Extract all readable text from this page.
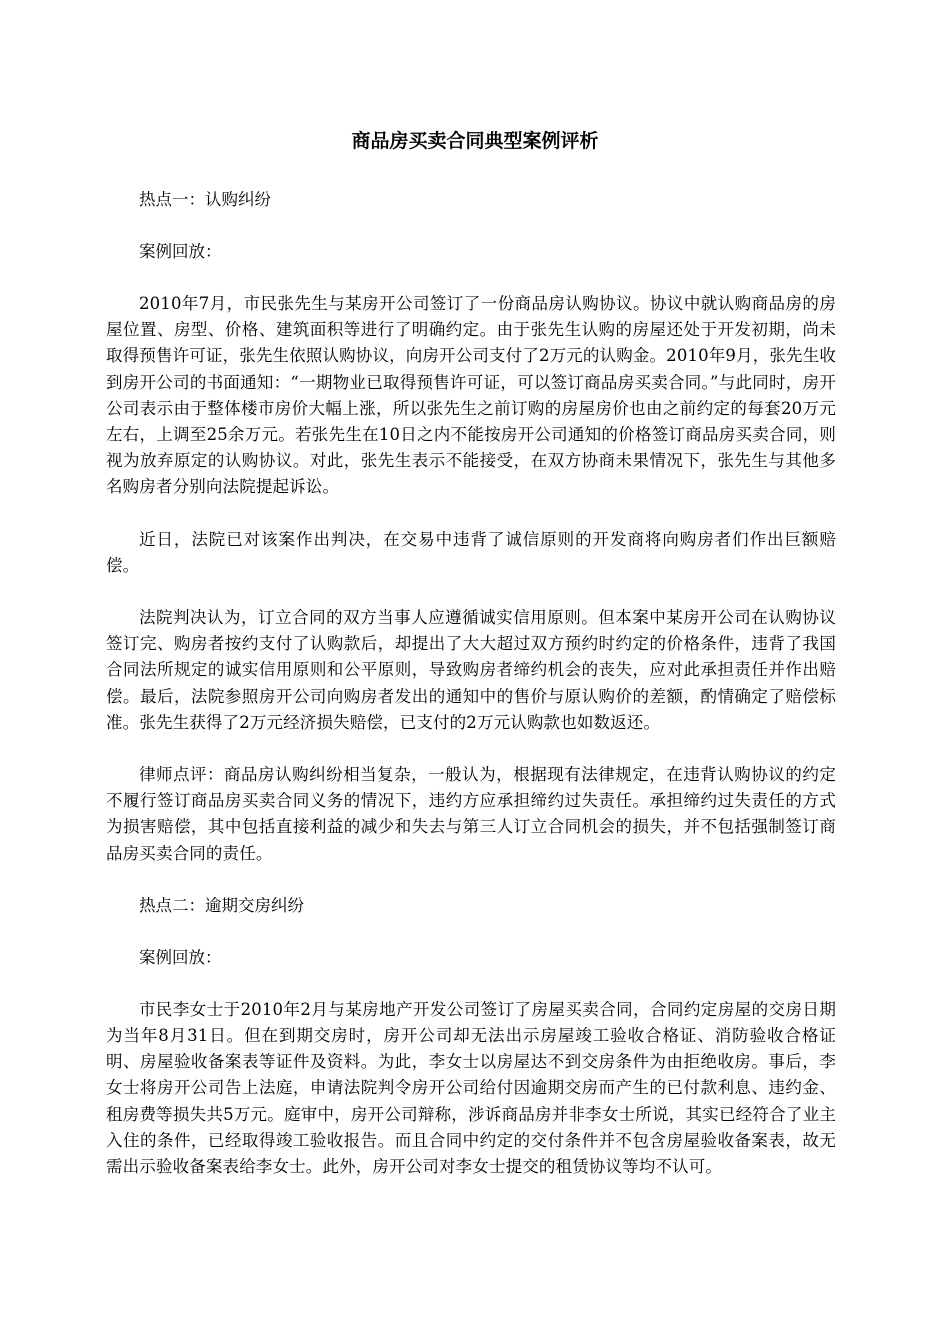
商品房买卖合同典型案例评析

热点一：认购纠纷

案例回放：

2010年7月，市民张先生与某房开公司签订了一份商品房认购协议。协议中就认购商品房的房屋位置、房型、价格、建筑面积等进行了明确约定。由于张先生认购的房屋还处于开发初期，尚未取得预售许可证，张先生依照认购协议，向房开公司支付了2万元的认购金。2010年9月，张先生收到房开公司的书面通知：“一期物业已取得预售许可证，可以签订商品房买卖合同。”与此同时，房开公司表示由于整体楼市房价大幅上涨，所以张先生之前订购的房屋房价也由之前约定的每套20万元左右，上调至25余万元。若张先生在10日之内不能按房开公司通知的价格签订商品房买卖合同，则视为放弃原定的认购协议。对此，张先生表示不能接受，在双方协商未果情况下，张先生与其他多名购房者分别向法院提起诉讼。

近日，法院已对该案作出判决，在交易中违背了诚信原则的开发商将向购房者们作出巨额赔偿。

法院判决认为，订立合同的双方当事人应遵循诚实信用原则。但本案中某房开公司在认购协议签订完、购房者按约支付了认购款后，却提出了大大超过双方预约时约定的价格条件，违背了我国合同法所规定的诚实信用原则和公平原则，导致购房者缔约机会的丧失，应对此承担责任并作出赔偿。最后，法院参照房开公司向购房者发出的通知中的售价与原认购价的差额，酌情确定了赔偿标准。张先生获得了2万元经济损失赔偿，已支付的2万元认购款也如数返还。

律师点评：商品房认购纠纷相当复杂，一般认为，根据现有法律规定，在违背认购协议的约定不履行签订商品房买卖合同义务的情况下，违约方应承担缔约过失责任。承担缔约过失责任的方式为损害赔偿，其中包括直接利益的减少和失去与第三人订立合同机会的损失，并不包括强制签订商品房买卖合同的责任。

热点二：逾期交房纠纷

案例回放：

市民李女士于2010年2月与某房地产开发公司签订了房屋买卖合同，合同约定房屋的交房日期为当年8月31日。但在到期交房时，房开公司却无法出示房屋竣工验收合格证、消防验收合格证明、房屋验收备案表等证件及资料。为此，李女士以房屋达不到交房条件为由拒绝收房。事后，李女士将房开公司告上法庭，申请法院判令房开公司给付因逾期交房而产生的已付款利息、违约金、租房费等损失共5万元。庭审中，房开公司辩称，涉诉商品房并非李女士所说，其实已经符合了业主入住的条件，已经取得竣工验收报告。而且合同中约定的交付条件并不包含房屋验收备案表，故无需出示验收备案表给李女士。此外，房开公司对李女士提交的租赁协议等均不认可。
